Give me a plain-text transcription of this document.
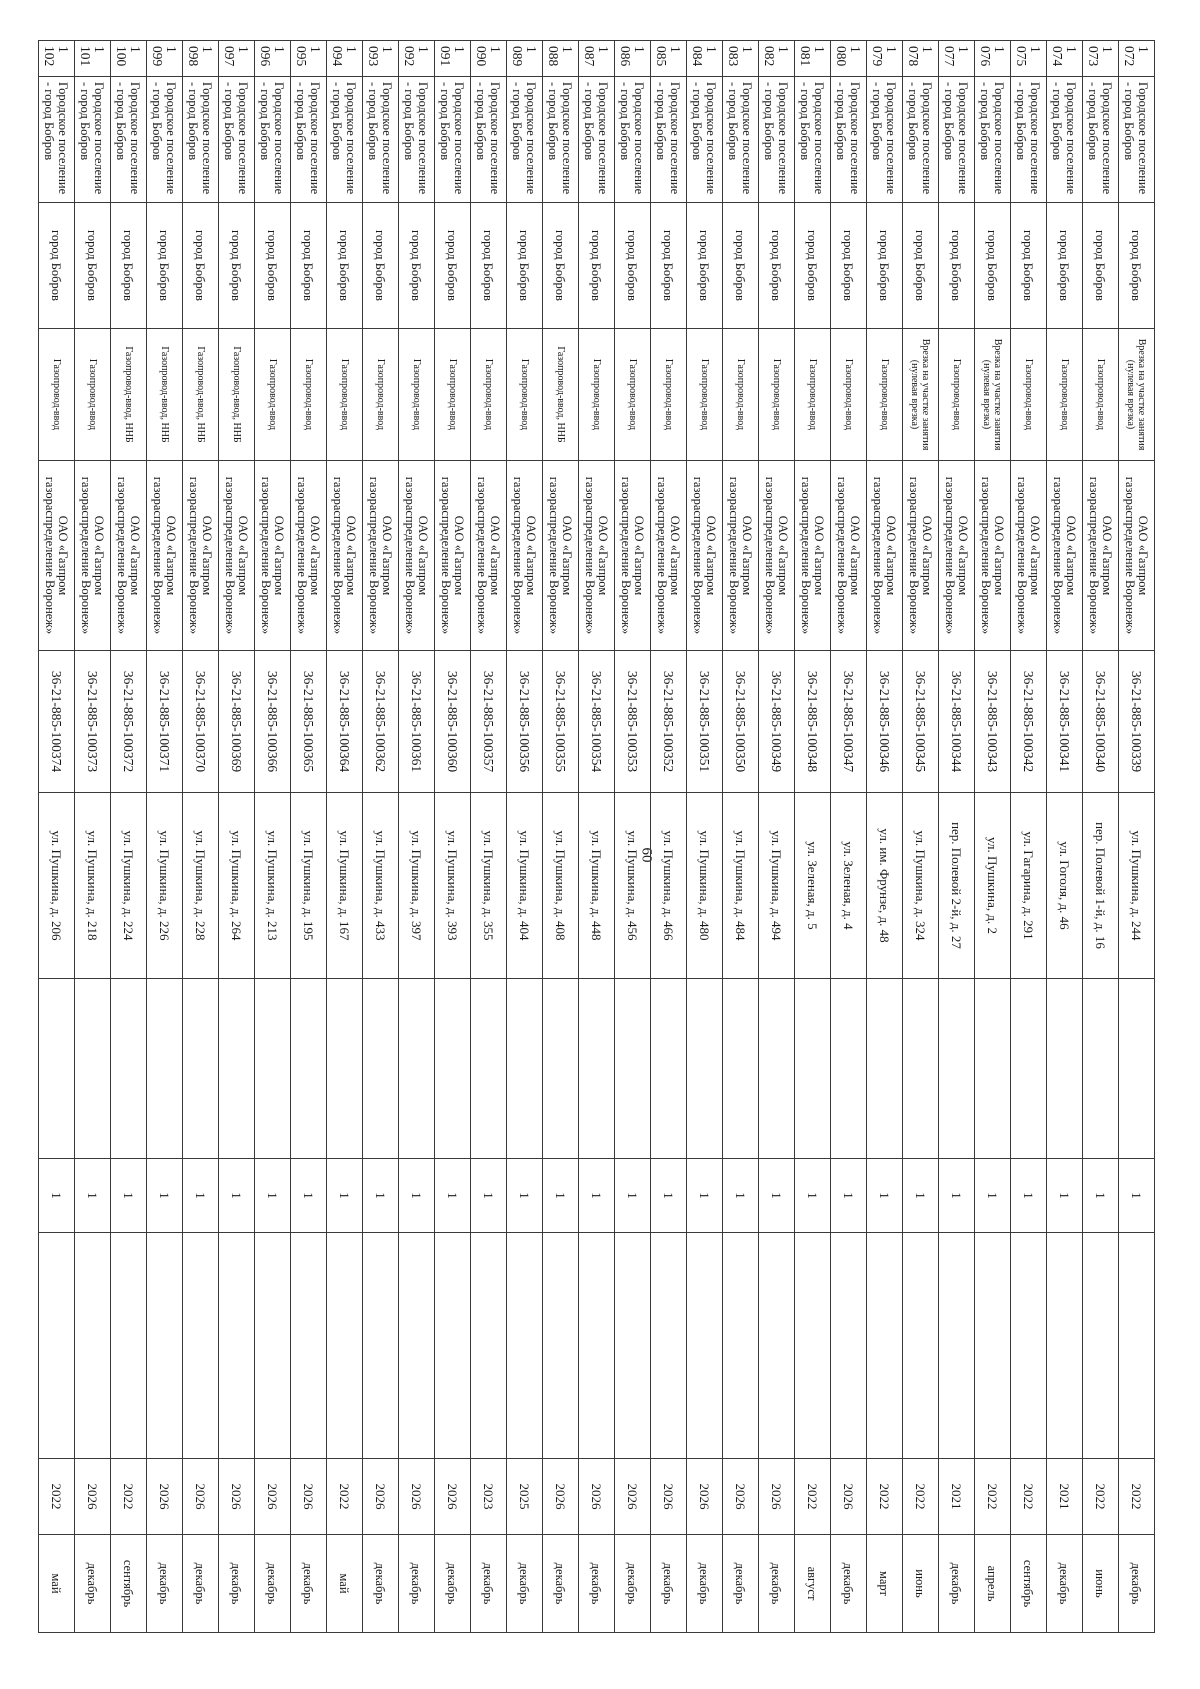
60
1 072	Городское поселение - город Бобров	город Бобров	Врезка на участке занятия (нулевая врезка)	ОАО «Газпром газораспределение Воронеж»	36-21-885-100339	ул. Пушкина, д. 244		1		2022	декабрь
1 073	Городское поселение - город Бобров	город Бобров	Газопровод-ввод	ОАО «Газпром газораспределение Воронеж»	36-21-885-100340	пер. Полевой 1-й, д. 16		1		2022	июнь
1 074	Городское поселение - город Бобров	город Бобров	Газопровод-ввод	ОАО «Газпром газораспределение Воронеж»	36-21-885-100341	ул. Гоголя, д. 46		1		2021	декабрь
1 075	Городское поселение - город Бобров	город Бобров	Газопровод-ввод	ОАО «Газпром газораспределение Воронеж»	36-21-885-100342	ул. Гагарина, д. 291		1		2022	сентябрь
1 076	Городское поселение - город Бобров	город Бобров	Врезка на участке занятия (нулевая врезка)	ОАО «Газпром газораспределение Воронеж»	36-21-885-100343	ул. Пушкина, д. 2		1		2022	апрель
1 077	Городское поселение - город Бобров	город Бобров	Газопровод-ввод	ОАО «Газпром газораспределение Воронеж»	36-21-885-100344	пер. Полевой 2-й, д. 27		1		2021	декабрь
1 078	Городское поселение - город Бобров	город Бобров	Врезка на участке занятия (нулевая врезка)	ОАО «Газпром газораспределение Воронеж»	36-21-885-100345	ул. Пушкина, д. 324		1		2022	июнь
1 079	Городское поселение - город Бобров	город Бобров	Газопровод-ввод	ОАО «Газпром газораспределение Воронеж»	36-21-885-100346	ул. им. Фрунзе, д. 48		1		2022	март
1 080	Городское поселение - город Бобров	город Бобров	Газопровод-ввод	ОАО «Газпром газораспределение Воронеж»	36-21-885-100347	ул. Зеленая, д. 4		1		2026	декабрь
1 081	Городское поселение - город Бобров	город Бобров	Газопровод-ввод	ОАО «Газпром газораспределение Воронеж»	36-21-885-100348	ул. Зеленая, д. 5		1		2022	август
1 082	Городское поселение - город Бобров	город Бобров	Газопровод-ввод	ОАО «Газпром газораспределение Воронеж»	36-21-885-100349	ул. Пушкина, д. 494		1		2026	декабрь
1 083	Городское поселение - город Бобров	город Бобров	Газопровод-ввод	ОАО «Газпром газораспределение Воронеж»	36-21-885-100350	ул. Пушкина, д. 484		1		2026	декабрь
1 084	Городское поселение - город Бобров	город Бобров	Газопровод-ввод	ОАО «Газпром газораспределение Воронеж»	36-21-885-100351	ул. Пушкина, д. 480		1		2026	декабрь
1 085	Городское поселение - город Бобров	город Бобров	Газопровод-ввод	ОАО «Газпром газораспределение Воронеж»	36-21-885-100352	ул. Пушкина, д. 466		1		2026	декабрь
1 086	Городское поселение - город Бобров	город Бобров	Газопровод-ввод	ОАО «Газпром газораспределение Воронеж»	36-21-885-100353	ул. Пушкина, д. 456		1		2026	декабрь
1 087	Городское поселение - город Бобров	город Бобров	Газопровод-ввод	ОАО «Газпром газораспределение Воронеж»	36-21-885-100354	ул. Пушкина, д. 448		1		2026	декабрь
1 088	Городское поселение - город Бобров	город Бобров	Газопровод-ввод, ННБ	ОАО «Газпром газораспределение Воронеж»	36-21-885-100355	ул. Пушкина, д. 408		1		2026	декабрь
1 089	Городское поселение - город Бобров	город Бобров	Газопровод-ввод	ОАО «Газпром газораспределение Воронеж»	36-21-885-100356	ул. Пушкина, д. 404		1		2025	декабрь
1 090	Городское поселение - город Бобров	город Бобров	Газопровод-ввод	ОАО «Газпром газораспределение Воронеж»	36-21-885-100357	ул. Пушкина, д. 355		1		2023	декабрь
1 091	Городское поселение - город Бобров	город Бобров	Газопровод-ввод	ОАО «Газпром газораспределение Воронеж»	36-21-885-100360	ул. Пушкина, д. 393		1		2026	декабрь
1 092	Городское поселение - город Бобров	город Бобров	Газопровод-ввод	ОАО «Газпром газораспределение Воронеж»	36-21-885-100361	ул. Пушкина, д. 397		1		2026	декабрь
1 093	Городское поселение - город Бобров	город Бобров	Газопровод-ввод	ОАО «Газпром газораспределение Воронеж»	36-21-885-100362	ул. Пушкина, д. 433		1		2026	декабрь
1 094	Городское поселение - город Бобров	город Бобров	Газопровод-ввод	ОАО «Газпром газораспределение Воронеж»	36-21-885-100364	ул. Пушкина, д. 167		1		2022	май
1 095	Городское поселение - город Бобров	город Бобров	Газопровод-ввод	ОАО «Газпром газораспределение Воронеж»	36-21-885-100365	ул. Пушкина, д. 195		1		2026	декабрь
1 096	Городское поселение - город Бобров	город Бобров	Газопровод-ввод	ОАО «Газпром газораспределение Воронеж»	36-21-885-100366	ул. Пушкина, д. 213		1		2026	декабрь
1 097	Городское поселение - город Бобров	город Бобров	Газопровод-ввод, ННБ	ОАО «Газпром газораспределение Воронеж»	36-21-885-100369	ул. Пушкина, д. 264		1		2026	декабрь
1 098	Городское поселение - город Бобров	город Бобров	Газопровод-ввод, ННБ	ОАО «Газпром газораспределение Воронеж»	36-21-885-100370	ул. Пушкина, д. 228		1		2026	декабрь
1 099	Городское поселение - город Бобров	город Бобров	Газопровод-ввод, ННБ	ОАО «Газпром газораспределение Воронеж»	36-21-885-100371	ул. Пушкина, д. 226		1		2026	декабрь
1 100	Городское поселение - город Бобров	город Бобров	Газопровод-ввод, ННБ	ОАО «Газпром газораспределение Воронеж»	36-21-885-100372	ул. Пушкина, д. 224		1		2022	сентябрь
1 101	Городское поселение - город Бобров	город Бобров	Газопровод-ввод	ОАО «Газпром газораспределение Воронеж»	36-21-885-100373	ул. Пушкина, д. 218		1		2026	декабрь
1 102	Городское поселение - город Бобров	город Бобров	Газопровод-ввод	ОАО «Газпром газораспределение Воронеж»	36-21-885-100374	ул. Пушкина, д. 206		1		2022	май
